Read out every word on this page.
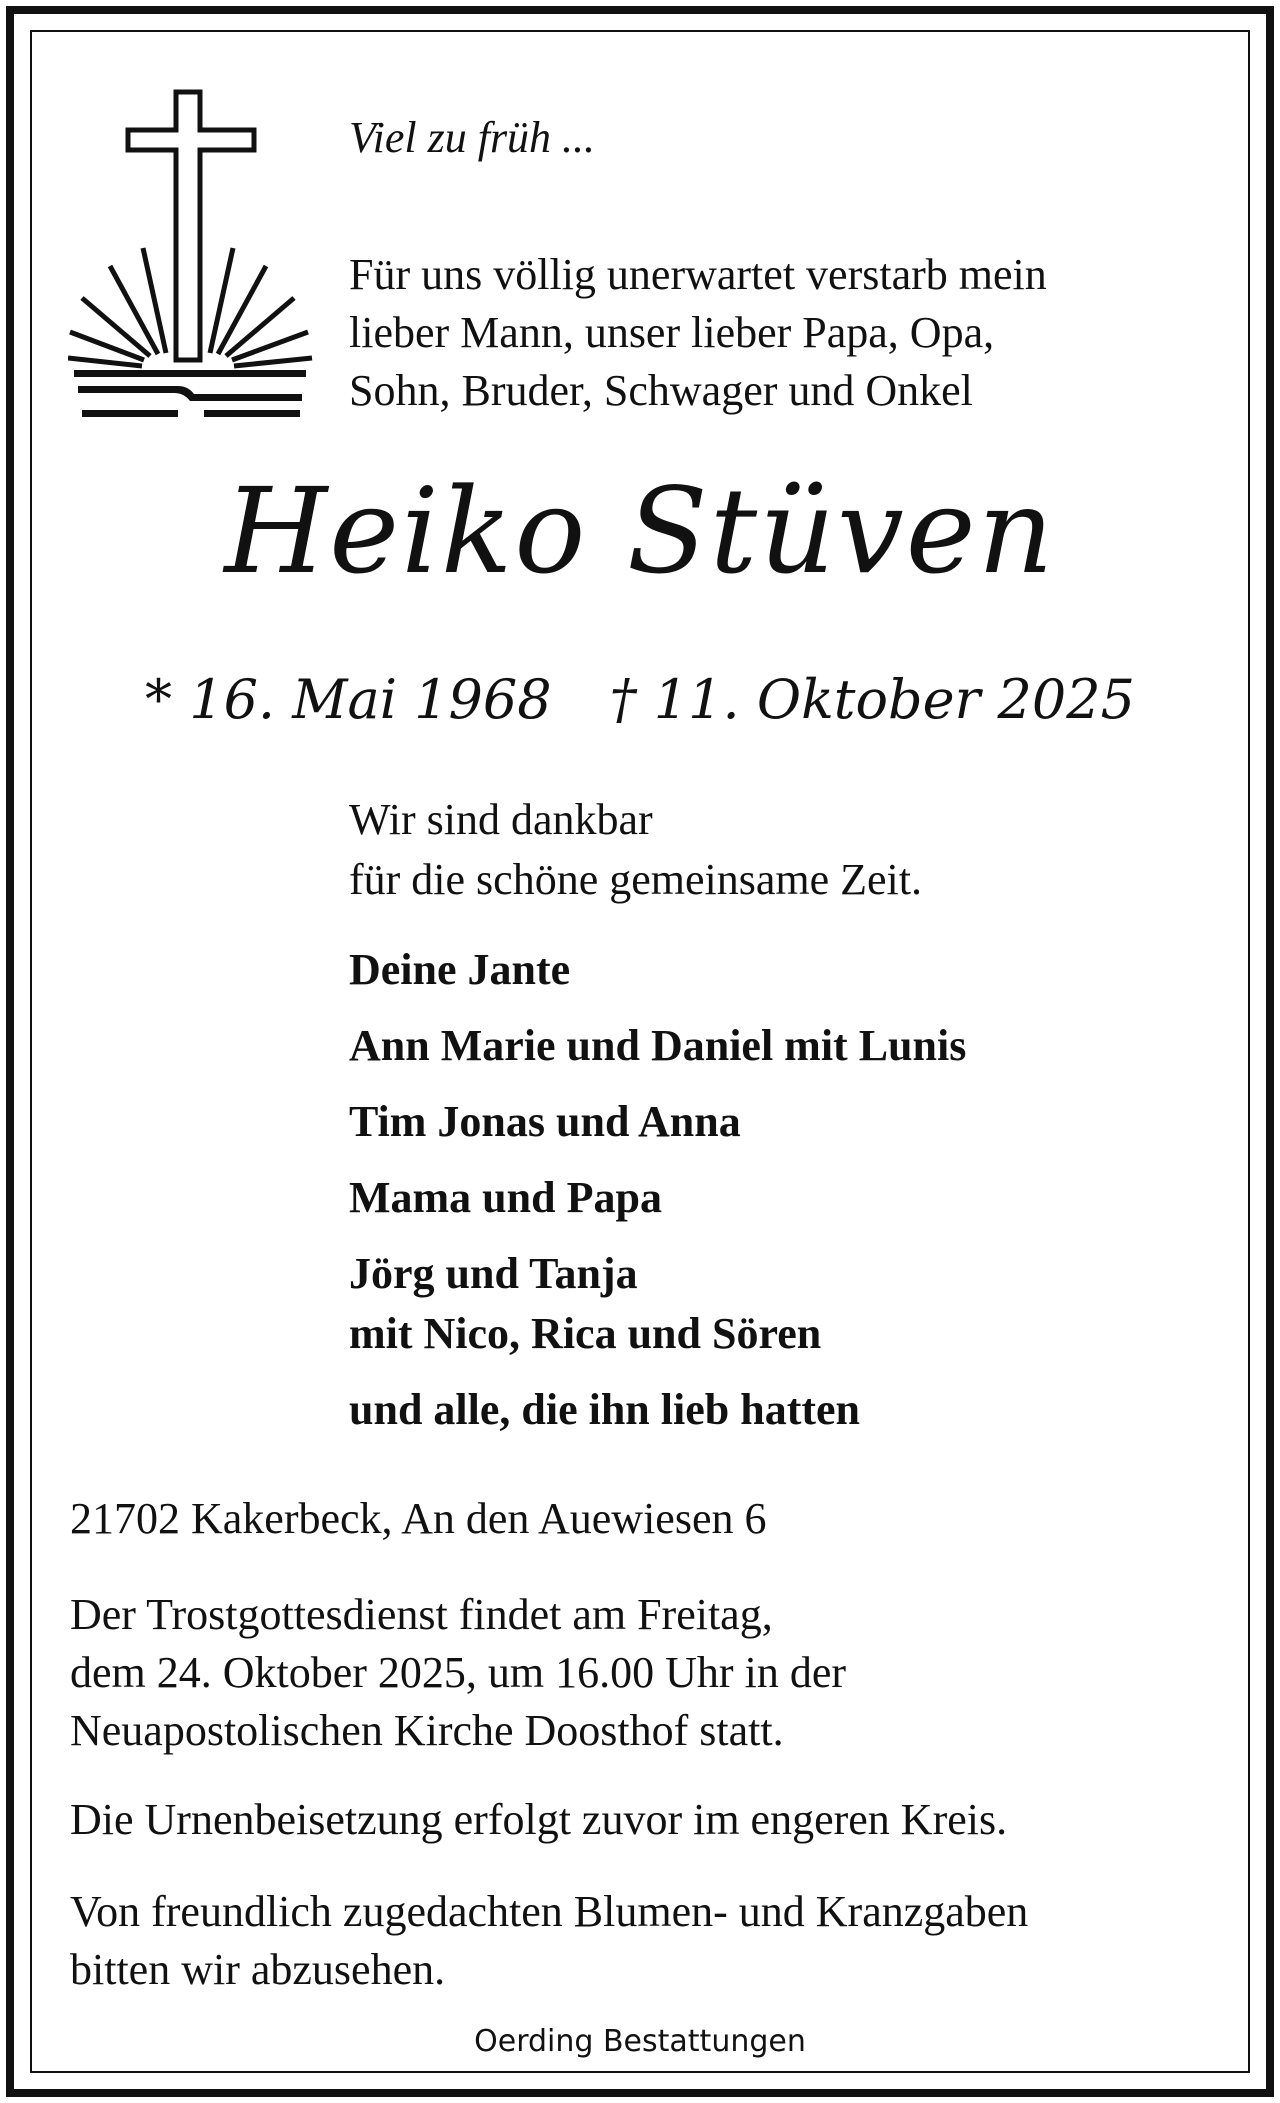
Viel zu früh ...
Für uns völlig unerwartet verstarb mein
lieber Mann, unser lieber Papa, Opa,
Sohn, Bruder, Schwager und Onkel
Heiko Stüven
* 16. Mai 1968 † 11. Oktober 2025
Wir sind dankbar
für die schöne gemeinsame Zeit.
Deine Jante
Ann Marie und Daniel mit Lunis
Tim Jonas und Anna
Mama und Papa
Jörg und Tanja
mit Nico, Rica und Sören
und alle, die ihn lieb hatten
21702 Kakerbeck, An den Auewiesen 6
Der Trostgottesdienst findet am Freitag,
dem 24. Oktober 2025, um 16.00 Uhr in der
Neuapostolischen Kirche Doosthof statt.
Die Urnenbeisetzung erfolgt zuvor im engeren Kreis.
Von freundlich zugedachten Blumen- und Kranzgaben
bitten wir abzusehen.
Oerding Bestattungen
